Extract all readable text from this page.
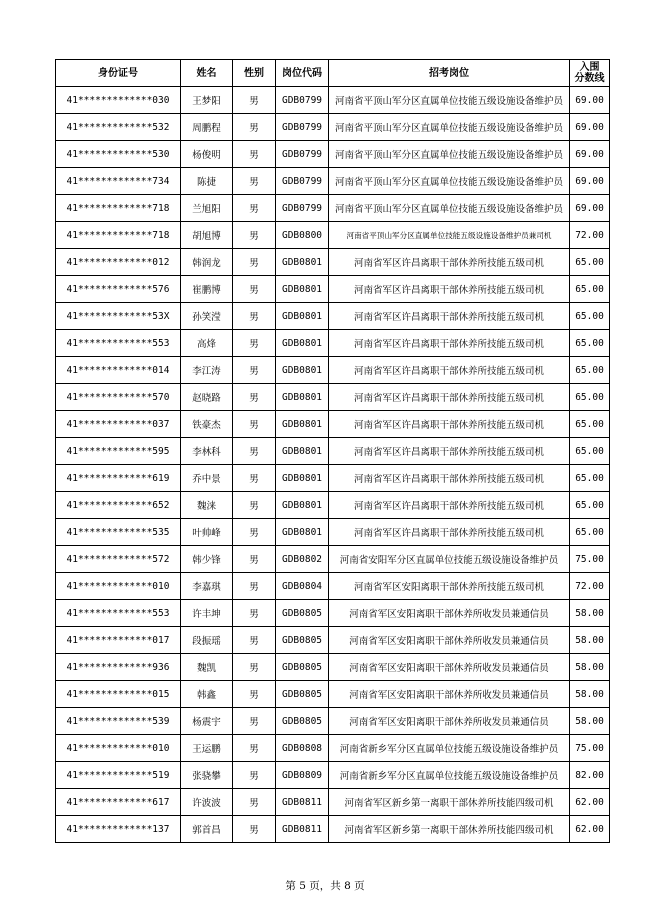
身份证号	姓名	性别	岗位代码	招考岗位	入围
分数线
41*************030	王梦阳	男	GDB0799	河南省平顶山军分区直属单位技能五级设施设备维护员	69.00
41*************532	周鹏程	男	GDB0799	河南省平顶山军分区直属单位技能五级设施设备维护员	69.00
41*************530	杨俊明	男	GDB0799	河南省平顶山军分区直属单位技能五级设施设备维护员	69.00
41*************734	陈捷	男	GDB0799	河南省平顶山军分区直属单位技能五级设施设备维护员	69.00
41*************718	兰旭阳	男	GDB0799	河南省平顶山军分区直属单位技能五级设施设备维护员	69.00
41*************718	胡旭博	男	GDB0800	河南省平顶山军分区直属单位技能五级设施设备维护员兼司机	72.00
41*************012	韩润龙	男	GDB0801	河南省军区许昌离职干部休养所技能五级司机	65.00
41*************576	崔鹏博	男	GDB0801	河南省军区许昌离职干部休养所技能五级司机	65.00
41*************53X	孙笑滢	男	GDB0801	河南省军区许昌离职干部休养所技能五级司机	65.00
41*************553	高烽	男	GDB0801	河南省军区许昌离职干部休养所技能五级司机	65.00
41*************014	李江涛	男	GDB0801	河南省军区许昌离职干部休养所技能五级司机	65.00
41*************570	赵晓路	男	GDB0801	河南省军区许昌离职干部休养所技能五级司机	65.00
41*************037	铁豪杰	男	GDB0801	河南省军区许昌离职干部休养所技能五级司机	65.00
41*************595	李林科	男	GDB0801	河南省军区许昌离职干部休养所技能五级司机	65.00
41*************619	乔中景	男	GDB0801	河南省军区许昌离职干部休养所技能五级司机	65.00
41*************652	魏涞	男	GDB0801	河南省军区许昌离职干部休养所技能五级司机	65.00
41*************535	叶帅峰	男	GDB0801	河南省军区许昌离职干部休养所技能五级司机	65.00
41*************572	韩少锋	男	GDB0802	河南省安阳军分区直属单位技能五级设施设备维护员	75.00
41*************010	李嘉琪	男	GDB0804	河南省军区安阳离职干部休养所技能五级司机	72.00
41*************553	许丰坤	男	GDB0805	河南省军区安阳离职干部休养所收发员兼通信员	58.00
41*************017	段振瑶	男	GDB0805	河南省军区安阳离职干部休养所收发员兼通信员	58.00
41*************936	魏凯	男	GDB0805	河南省军区安阳离职干部休养所收发员兼通信员	58.00
41*************015	韩鑫	男	GDB0805	河南省军区安阳离职干部休养所收发员兼通信员	58.00
41*************539	杨震宇	男	GDB0805	河南省军区安阳离职干部休养所收发员兼通信员	58.00
41*************010	王运鹏	男	GDB0808	河南省新乡军分区直属单位技能五级设施设备维护员	75.00
41*************519	张骁攀	男	GDB0809	河南省新乡军分区直属单位技能五级设施设备维护员	82.00
41*************617	许波波	男	GDB0811	河南省军区新乡第一离职干部休养所技能四级司机	62.00
41*************137	郭首昌	男	GDB0811	河南省军区新乡第一离职干部休养所技能四级司机	62.00
第 5 页，共 8 页
